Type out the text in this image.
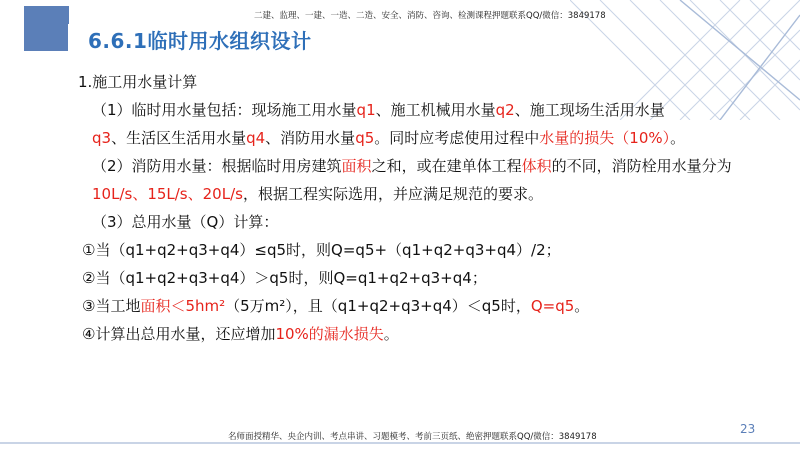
二建、监理、一建、一造、二造、安全、消防、咨询、检测课程押题联系QQ/微信：3849178
6.6.1临时用水组织设计

1.施工用水量计算

（1）临时用水量包括：现场施工用水量q1、施工机械用水量q2、施工现场生活用水量
q3、生活区生活用水量q4、消防用水量q5。同时应考虑使用过程中水量的损失（10%）。

（2）消防用水量：根据临时用房建筑面积之和，或在建单体工程体积的不同，消防栓用水量分为10L/s、15L/s、20L/s，根据工程实际选用，并应满足规范的要求。

（3）总用水量（Q）计算：

①当（q1+q2+q3+q4）≤q5时，则Q=q5+（q1+q2+q3+q4）/2；

②当（q1+q2+q3+q4）＞q5时，则Q=q1+q2+q3+q4；

③当工地面积＜5hm²（5万m²），且（q1+q2+q3+q4）＜q5时，Q=q5。

④计算出总用水量，还应增加10%的漏水损失。

23
名师面授精华、央企内训、考点串讲、习题模考、考前三页纸、绝密押题联系QQ/微信：3849178
